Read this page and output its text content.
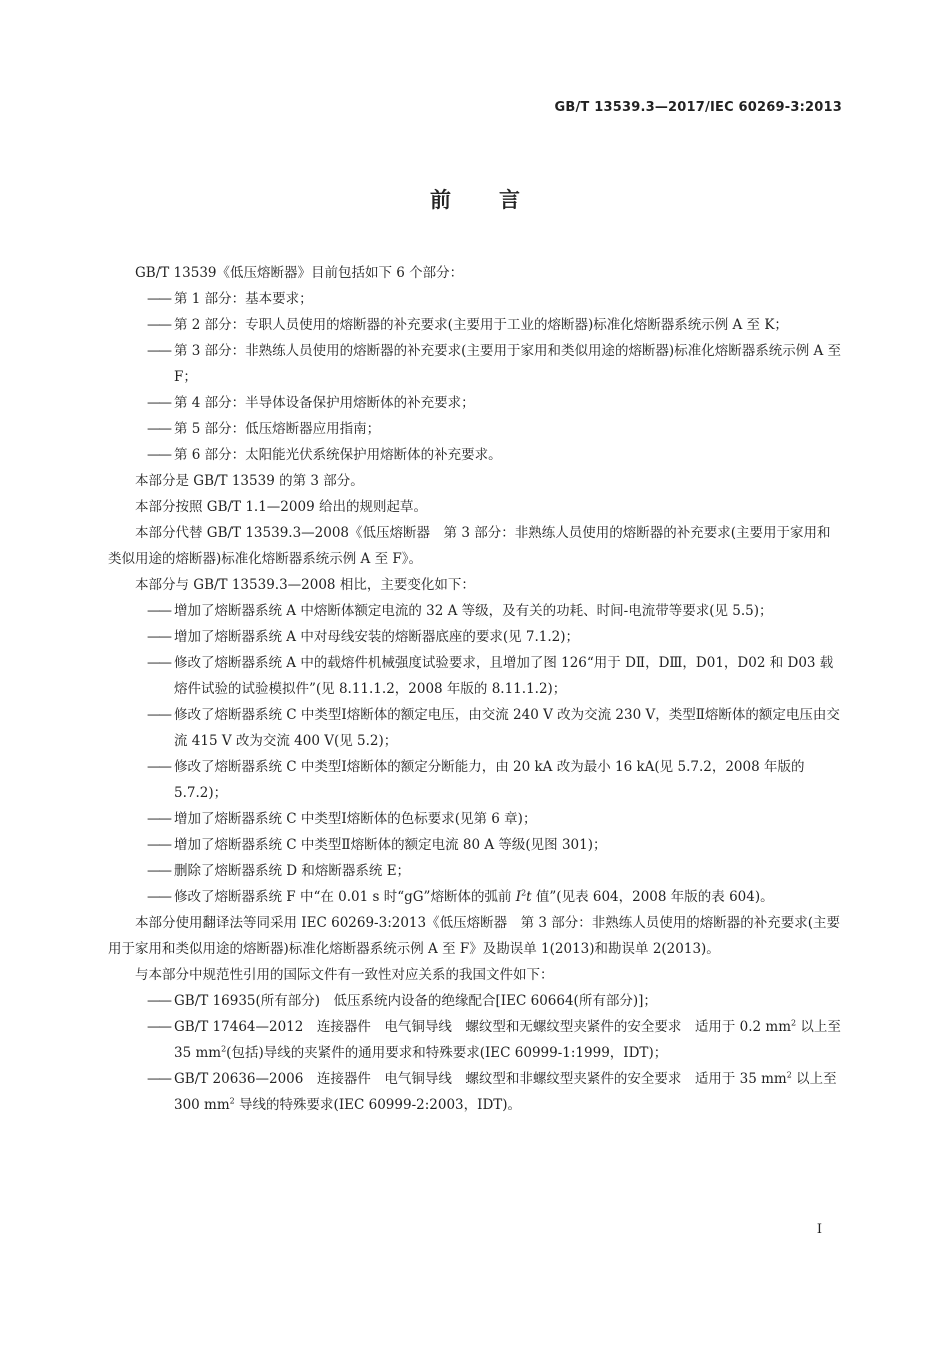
GB/T 13539.3—2017/IEC 60269-3:2013
前言

GB/T 13539《低压熔断器》目前包括如下 6 个部分：

——第 1 部分：基本要求；

——第 2 部分：专职人员使用的熔断器的补充要求(主要用于工业的熔断器)标准化熔断器系统示例 A 至 K；

——第 3 部分：非熟练人员使用的熔断器的补充要求(主要用于家用和类似用途的熔断器)标准化熔断器系统示例 A 至 F；

——第 4 部分：半导体设备保护用熔断体的补充要求；

——第 5 部分：低压熔断器应用指南；

——第 6 部分：太阳能光伏系统保护用熔断体的补充要求。

本部分是 GB/T 13539 的第 3 部分。

本部分按照 GB/T 1.1—2009 给出的规则起草。

本部分代替 GB/T 13539.3—2008《低压熔断器　第 3 部分：非熟练人员使用的熔断器的补充要求(主要用于家用和类似用途的熔断器)标准化熔断器系统示例 A 至 F》。

本部分与 GB/T 13539.3—2008 相比，主要变化如下：

——增加了熔断器系统 A 中熔断体额定电流的 32 A 等级，及有关的功耗、时间-电流带等要求(见 5.5)；

——增加了熔断器系统 A 中对母线安装的熔断器底座的要求(见 7.1.2)；

——修改了熔断器系统 A 中的载熔件机械强度试验要求，且增加了图 126“用于 DⅡ，DⅢ，D01，D02 和 D03 载熔件试验的试验模拟件”(见 8.11.1.2，2008 年版的 8.11.1.2)；

——修改了熔断器系统 C 中类型Ⅰ熔断体的额定电压，由交流 240 V 改为交流 230 V，类型Ⅱ熔断体的额定电压由交流 415 V 改为交流 400 V(见 5.2)；

——修改了熔断器系统 C 中类型Ⅰ熔断体的额定分断能力，由 20 kA 改为最小 16 kA(见 5.7.2，2008 年版的 5.7.2)；

——增加了熔断器系统 C 中类型Ⅰ熔断体的色标要求(见第 6 章)；

——增加了熔断器系统 C 中类型Ⅱ熔断体的额定电流 80 A 等级(见图 301)；

——删除了熔断器系统 D 和熔断器系统 E；

——修改了熔断器系统 F 中“在 0.01 s 时“gG”熔断体的弧前 $I^2t$ 值”(见表 604，2008 年版的表 604)。

本部分使用翻译法等同采用 IEC 60269-3:2013《低压熔断器　第 3 部分：非熟练人员使用的熔断器的补充要求(主要用于家用和类似用途的熔断器)标准化熔断器系统示例 A 至 F》及勘误单 1(2013)和勘误单 2(2013)。

与本部分中规范性引用的国际文件有一致性对应关系的我国文件如下：

——GB/T 16935(所有部分)　低压系统内设备的绝缘配合[IEC 60664(所有部分)]；

——GB/T 17464—2012　连接器件　电气铜导线　螺纹型和无螺纹型夹紧件的安全要求　适用于 0.2 $mm^2$ 以上至 35 $mm^2$(包括)导线的夹紧件的通用要求和特殊要求(IEC 60999-1:1999，IDT)；

——GB/T 20636—2006　连接器件　电气铜导线　螺纹型和非螺纹型夹紧件的安全要求　适用于 35 $mm^2$ 以上至 300 $mm^2$ 导线的特殊要求(IEC 60999-2:2003，IDT)。

Ⅰ
